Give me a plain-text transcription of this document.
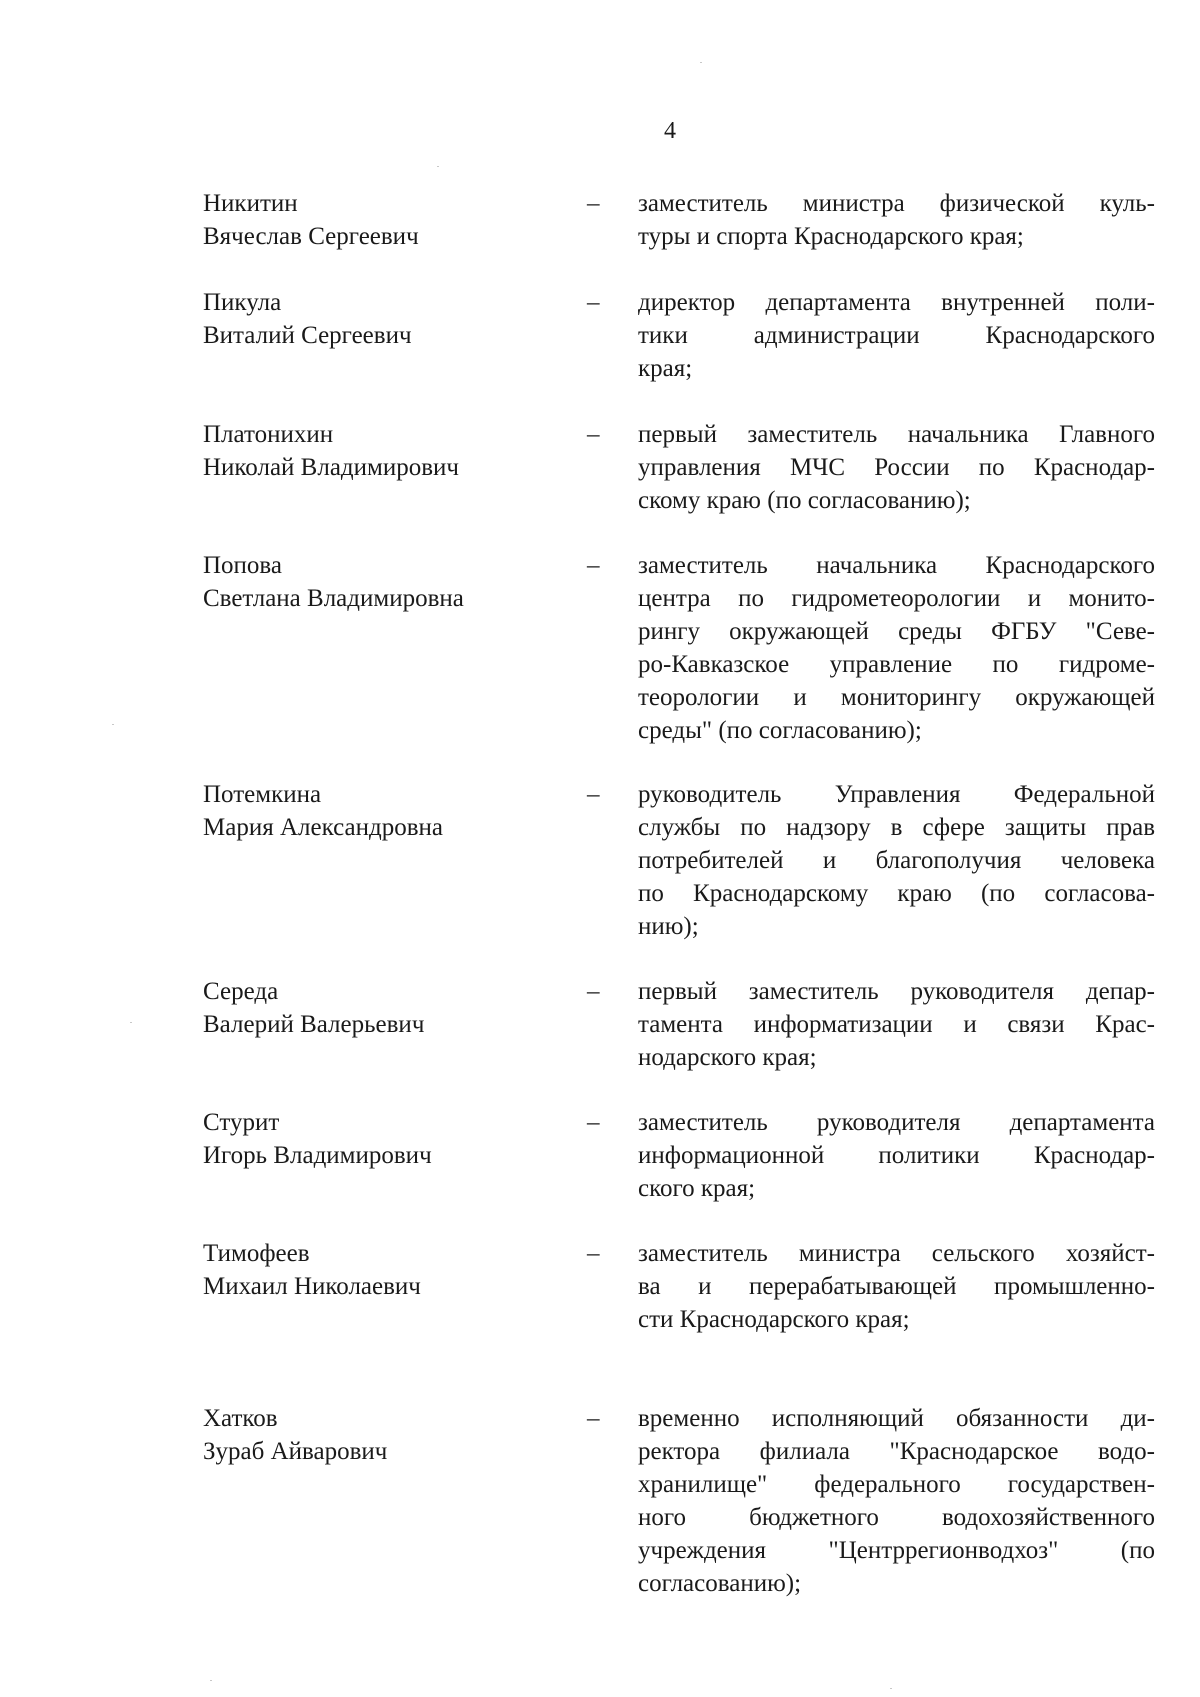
4
Никитин
Вячеслав Сергеевич
– заместитель министра физической куль-
туры и спорта Краснодарского края;
Пикула
Виталий Сергеевич
– директор департамента внутренней поли-
тики администрации Краснодарского
края;
Платонихин
Николай Владимирович
– первый заместитель начальника Главного
управления МЧС России по Краснодар-
скому краю (по согласованию);
Попова
Светлана Владимировна
– заместитель начальника Краснодарского
центра по гидрометеорологии и монито-
рингу окружающей среды ФГБУ "Севе-
ро-Кавказское управление по гидроме-
теорологии и мониторингу окружающей
среды" (по согласованию);
Потемкина
Мария Александровна
– руководитель Управления Федеральной
службы по надзору в сфере защиты прав
потребителей и благополучия человека
по Краснодарскому краю (по согласова-
нию);
Середа
Валерий Валерьевич
– первый заместитель руководителя депар-
тамента информатизации и связи Крас-
нодарского края;
Стурит
Игорь Владимирович
– заместитель руководителя департамента
информационной политики Краснодар-
ского края;
Тимофеев
Михаил Николаевич
– заместитель министра сельского хозяйст-
ва и перерабатывающей промышленно-
сти Краснодарского края;
Хатков
Зураб Айварович
– временно исполняющий обязанности ди-
ректора филиала "Краснодарское водо-
хранилище" федерального государствен-
ного бюджетного водохозяйственного
учреждения "Центррегионводхоз" (по
согласованию);
